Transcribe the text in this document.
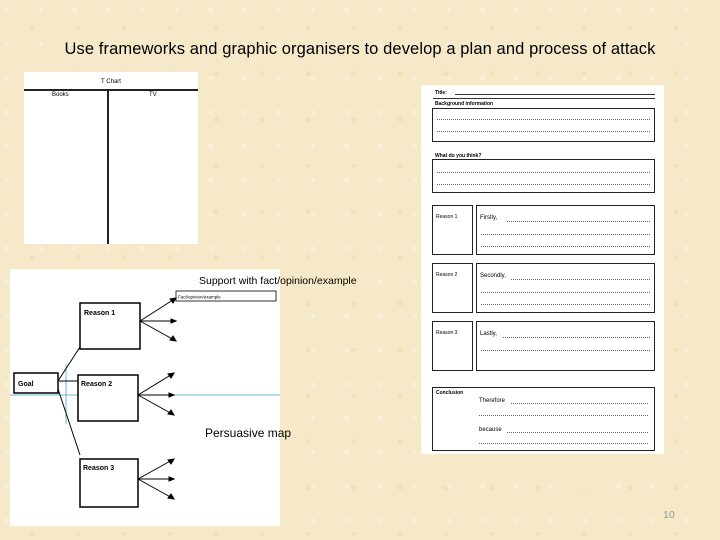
Use frameworks and graphic organisers to develop a plan and process of attack
T Chart
Books	TV
Goal
Reason 1
Reason 2
Reason 3
Fact/opinion/example
Support with fact/opinion/example
Persuasive map
Title:
Background information
What do you think?
Reason 1	Firstly,
Reason 2	Secondly,
Reason 3	Lastly,
Conclusion
Therefore
because
10
